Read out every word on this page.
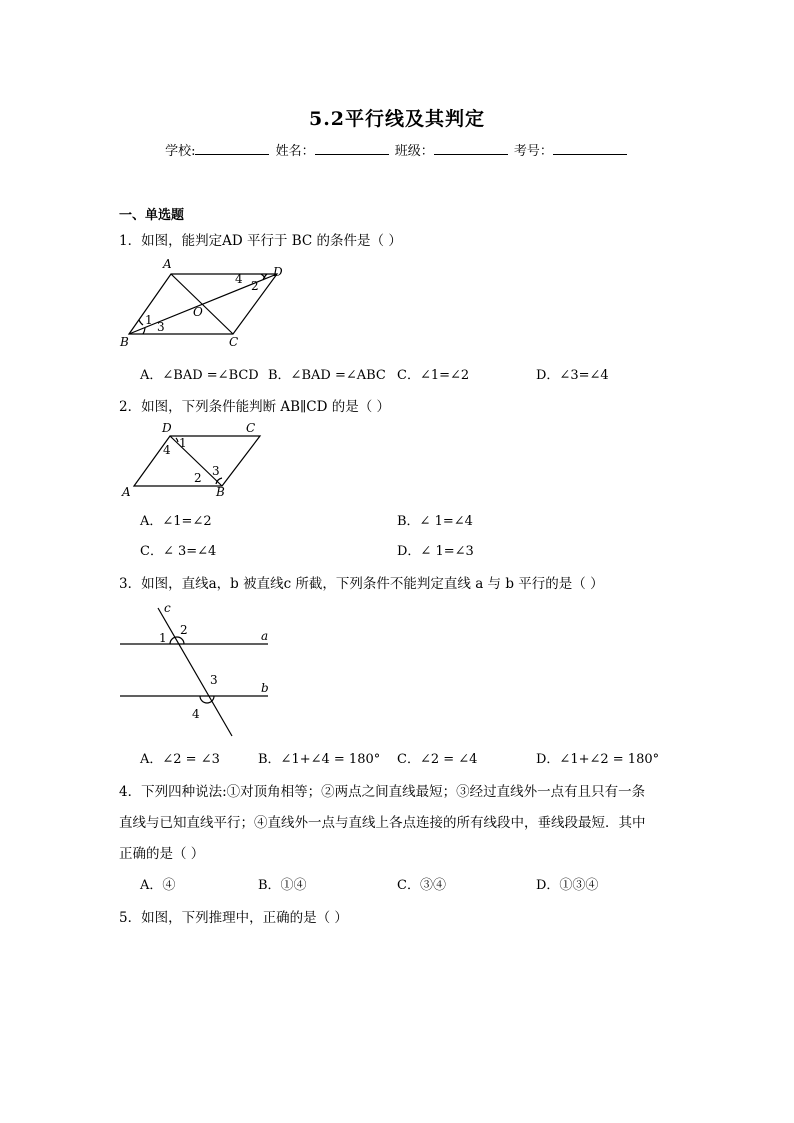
5.2平行线及其判定
学校:	姓名：	班级：	考号：
一、单选题
1．如图，能判定AD 平行于 BC 的条件是（ ）
A
D
B	C
O
1
2
3
4
A．∠BAD =∠BCD B．∠BAD =∠ABC C．∠1=∠2	D．∠3=∠4
2．如图，下列条件能判断 AB∥CD 的是（ ）
D	C
A	B
1
2 3
4
A．∠1=∠2	B．∠ 1=∠4
C．∠ 3=∠4	D．∠ 1=∠3
3．如图，直线a，b 被直线c 所截，下列条件不能判定直线 a 与 b 平行的是（ ）
c
a
b
1
2
3
4
A．∠2 = ∠3	B．∠1+∠4 = 180° C．∠2 = ∠4	D．∠1+∠2 = 180°
4．下列四种说法:①对顶角相等；②两点之间直线最短；③经过直线外一点有且只有一条
直线与已知直线平行；④直线外一点与直线上各点连接的所有线段中，垂线段最短．其中
正确的是（ ）
A．④	B．①④	C．③④	D．①③④
5．如图，下列推理中，正确的是（ ）
